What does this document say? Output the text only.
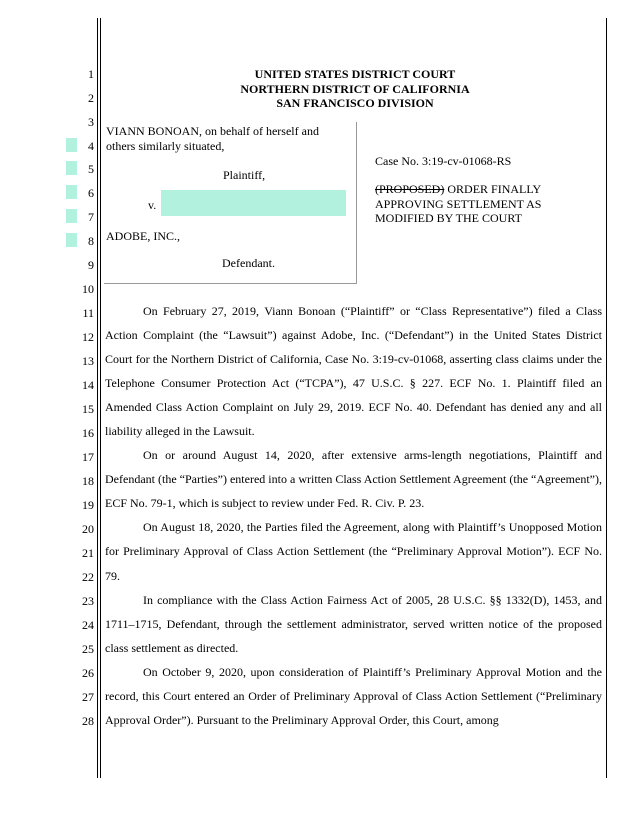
1
2
3
4
5
6
7
8
9
10
11
12
13
14
15
16
17
18
19
20
21
22
23
24
25
26
27
28
UNITED STATES DISTRICT COURT
NORTHERN DISTRICT OF CALIFORNIA
SAN FRANCISCO DIVISION
VIANN BONOAN, on behalf of herself and
others similarly situated,
Plaintiff,
v.
ADOBE, INC.,
Defendant.
Case No. 3:19-cv-01068-RS
(PROPOSED) ORDER FINALLY
APPROVING SETTLEMENT AS
MODIFIED BY THE COURT

On February 27, 2019, Viann Bonoan (“Plaintiff” or “Class Representative”) filed a Class Action Complaint (the “Lawsuit”) against Adobe, Inc. (“Defendant”) in the United States District Court for the Northern District of California, Case No. 3:19-cv-01068, asserting class claims under the Telephone Consumer Protection Act (“TCPA”), 47 U.S.C. § 227. ECF No. 1. Plaintiff filed an Amended Class Action Complaint on July 29, 2019. ECF No. 40. Defendant has denied any and all liability alleged in the Lawsuit.

On or around August 14, 2020, after extensive arms-length negotiations, Plaintiff and Defendant (the “Parties”) entered into a written Class Action Settlement Agreement (the “Agreement”), ECF No. 79-1, which is subject to review under Fed. R. Civ. P. 23.

On August 18, 2020, the Parties filed the Agreement, along with Plaintiff’s Unopposed Motion for Preliminary Approval of Class Action Settlement (the “Preliminary Approval Motion”). ECF No. 79.

In compliance with the Class Action Fairness Act of 2005, 28 U.S.C. §§ 1332(D), 1453, and 1711–1715, Defendant, through the settlement administrator, served written notice of the proposed class settlement as directed.

On October 9, 2020, upon consideration of Plaintiff’s Preliminary Approval Motion and the record, this Court entered an Order of Preliminary Approval of Class Action Settlement (“Preliminary Approval Order”). Pursuant to the Preliminary Approval Order, this Court, among
